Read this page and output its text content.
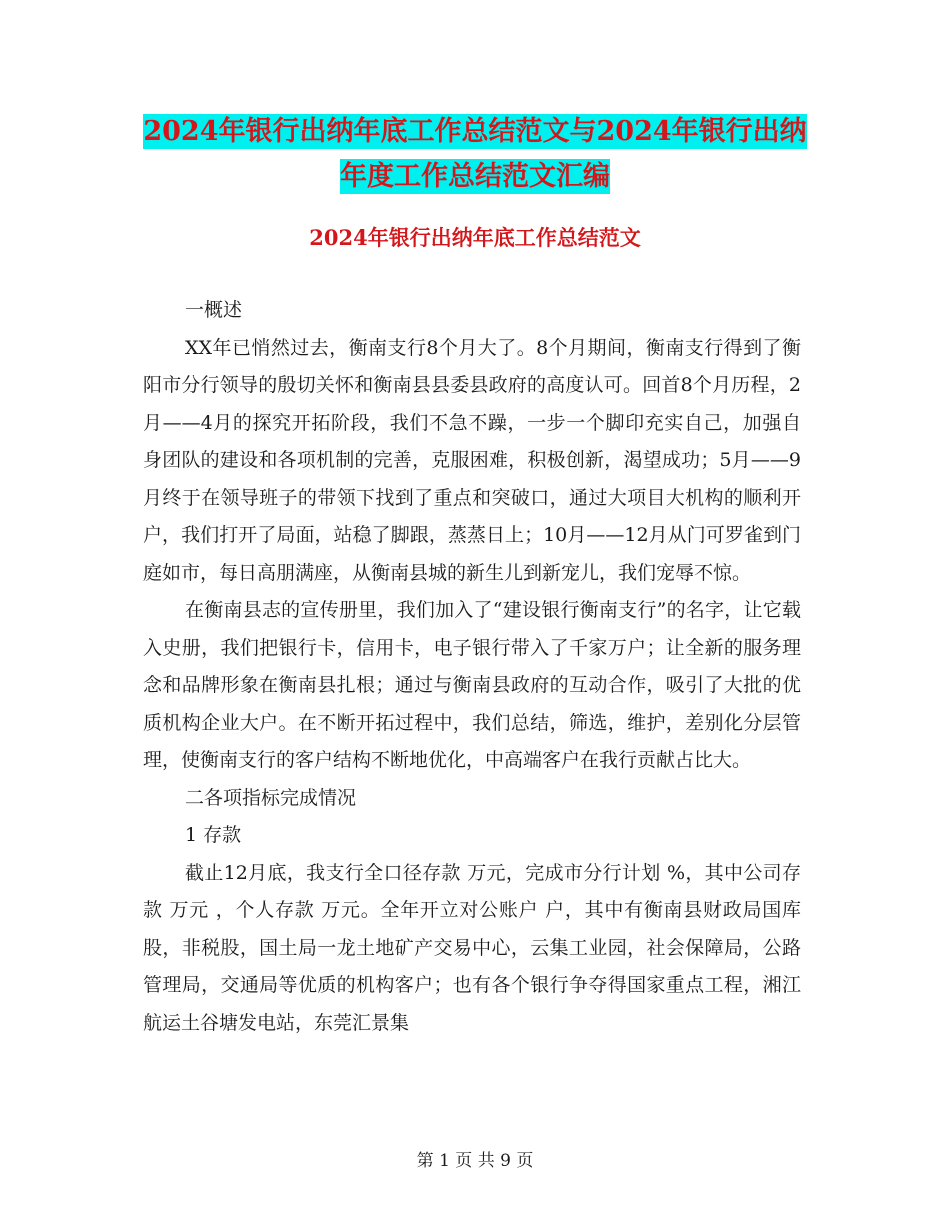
2024年银行出纳年底工作总结范文与2024年银行出纳
年度工作总结范文汇编
2024年银行出纳年底工作总结范文

一概述

XX年已悄然过去，衡南支行8个月大了。8个月期间，衡南支行得到了衡阳市分行领导的殷切关怀和衡南县县委县政府的高度认可。回首8个月历程，2月——4月的探究开拓阶段，我们不急不躁，一步一个脚印充实自己，加强自身团队的建设和各项机制的完善，克服困难，积极创新，渴望成功；5月——9月终于在领导班子的带领下找到了重点和突破口，通过大项目大机构的顺利开户，我们打开了局面，站稳了脚跟，蒸蒸日上；10月——12月从门可罗雀到门庭如市，每日高朋满座，从衡南县城的新生儿到新宠儿，我们宠辱不惊。

在衡南县志的宣传册里，我们加入了“建设银行衡南支行”的名字，让它载入史册，我们把银行卡，信用卡，电子银行带入了千家万户；让全新的服务理念和品牌形象在衡南县扎根；通过与衡南县政府的互动合作，吸引了大批的优质机构企业大户。在不断开拓过程中，我们总结，筛选，维护，差别化分层管理，使衡南支行的客户结构不断地优化，中高端客户在我行贡献占比大。

二各项指标完成情况

1 存款

截止12月底，我支行全口径存款 万元，完成市分行计划 %，其中公司存款 万元 ，个人存款 万元。全年开立对公账户 户，其中有衡南县财政局国库股，非税股，国土局一龙土地矿产交易中心，云集工业园，社会保障局，公路管理局，交通局等优质的机构客户；也有各个银行争夺得国家重点工程，湘江航运土谷塘发电站，东莞汇景集

第 1 页 共 9 页
